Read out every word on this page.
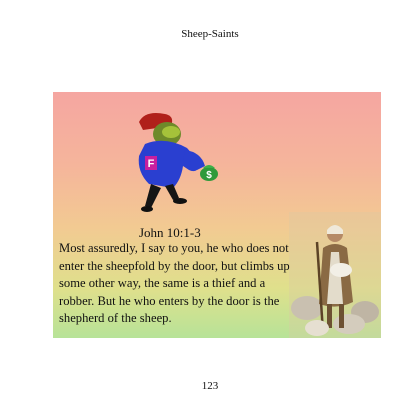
Sheep-Saints
F
$
John 10:1-3
Most assuredly, I say to you, he who does not enter the sheepfold by the door, but climbs up some other way, the same is a thief and a robber. But he who enters by the door is the shepherd of the sheep.
123
